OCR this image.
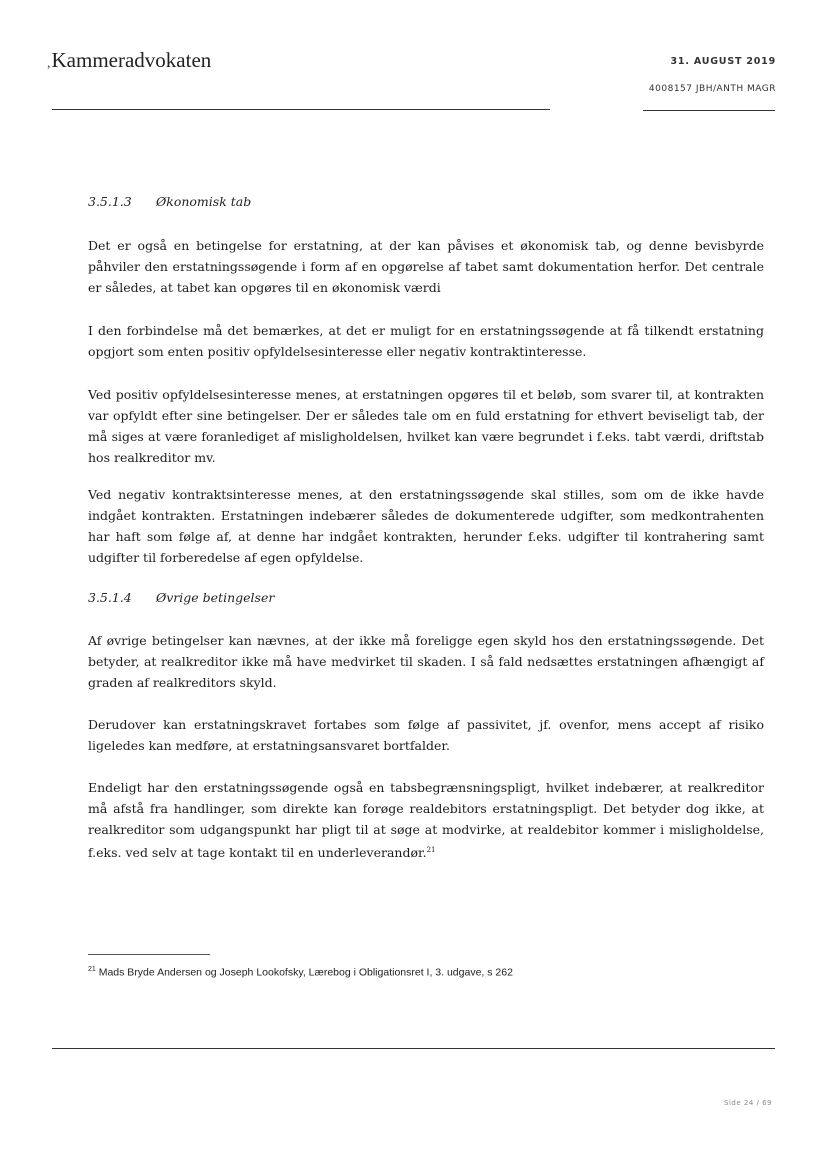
,Kammeradvokaten	31. AUGUST 2019
4008157 JBH/ANTH MAGR
3.5.1.3 Økonomisk tab

Det er også en betingelse for erstatning, at der kan påvises et økonomisk tab, og denne bevisbyrde påhviler den erstatningssøgende i form af en opgørelse af tabet samt dokumentation herfor. Det centrale er således, at tabet kan opgøres til en økonomisk værdi

I den forbindelse må det bemærkes, at det er muligt for en erstatningssøgende at få tilkendt erstatning opgjort som enten positiv opfyldelsesinteresse eller negativ kontraktinteresse.

Ved positiv opfyldelsesinteresse menes, at erstatningen opgøres til et beløb, som svarer til, at kontrakten var opfyldt efter sine betingelser. Der er således tale om en fuld erstatning for ethvert beviseligt tab, der må siges at være foranlediget af misligholdelsen, hvilket kan være begrundet i f.eks. tabt værdi, driftstab hos realkreditor mv.

Ved negativ kontraktsinteresse menes, at den erstatningssøgende skal stilles, som om de ikke havde indgået kontrakten. Erstatningen indebærer således de dokumenterede udgifter, som medkontrahenten har haft som følge af, at denne har indgået kontrakten, herunder f.eks. udgifter til kontrahering samt udgifter til forberedelse af egen opfyldelse.

3.5.1.4 Øvrige betingelser

Af øvrige betingelser kan nævnes, at der ikke må foreligge egen skyld hos den erstatningssøgende. Det betyder, at realkreditor ikke må have medvirket til skaden. I så fald nedsættes erstatningen afhængigt af graden af realkreditors skyld.

Derudover kan erstatningskravet fortabes som følge af passivitet, jf. ovenfor, mens accept af risiko ligeledes kan medføre, at erstatningsansvaret bortfalder.

Endeligt har den erstatningssøgende også en tabsbegrænsningspligt, hvilket indebærer, at realkreditor må afstå fra handlinger, som direkte kan forøge realdebitors erstatningspligt. Det betyder dog ikke, at realkreditor som udgangspunkt har pligt til at søge at modvirke, at realdebitor kommer i misligholdelse, f.eks. ved selv at tage kontakt til en underleverandør.$^{21}$

$^{21}$ Mads Bryde Andersen og Joseph Lookofsky, Lærebog i Obligationsret I, 3. udgave, s 262
Side 24 / 69
